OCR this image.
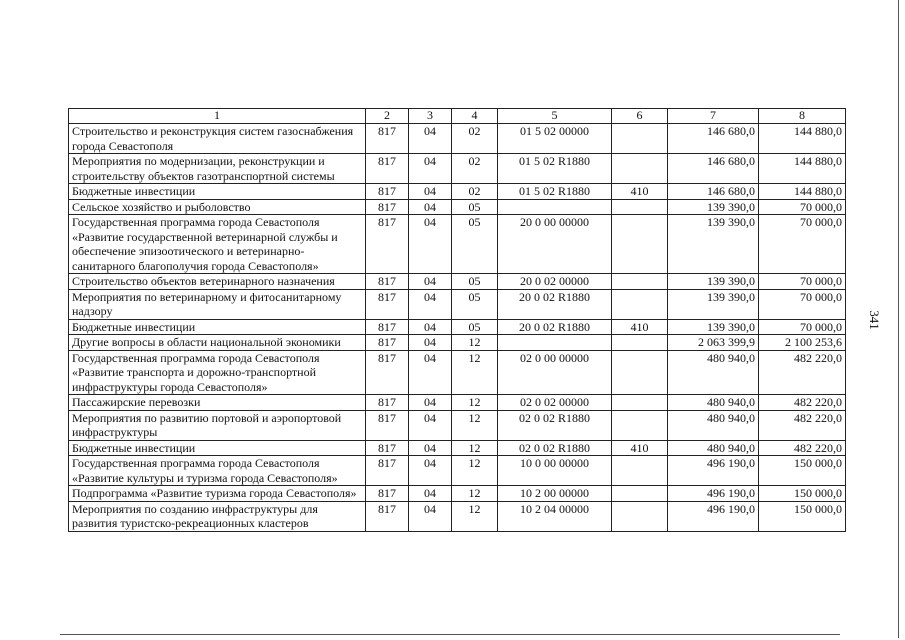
1	2	3	4	5	6	7	8
Строительство и реконструкция систем газоснабжения города Севастополя	817	04	02	01 5 02 00000		146 680,0	144 880,0
Мероприятия по модернизации, реконструкции и строительству объектов газотранспортной системы	817	04	02	01 5 02 R1880		146 680,0	144 880,0
Бюджетные инвестиции	817	04	02	01 5 02 R1880	410	146 680,0	144 880,0
Сельское хозяйство и рыболовство	817	04	05			139 390,0	70 000,0
Государственная программа города Севастополя «Развитие государственной ветеринарной службы и обеспечение эпизоотического и ветеринарно-санитарного благополучия города Севастополя»	817	04	05	20 0 00 00000		139 390,0	70 000,0
Строительство объектов ветеринарного назначения	817	04	05	20 0 02 00000		139 390,0	70 000,0
Мероприятия по ветеринарному и фитосанитарному надзору	817	04	05	20 0 02 R1880		139 390,0	70 000,0
Бюджетные инвестиции	817	04	05	20 0 02 R1880	410	139 390,0	70 000,0
Другие вопросы в области национальной экономики	817	04	12			2 063 399,9	2 100 253,6
Государственная программа города Севастополя «Развитие транспорта и дорожно-транспортной инфраструктуры города Севастополя»	817	04	12	02 0 00 00000		480 940,0	482 220,0
Пассажирские перевозки	817	04	12	02 0 02 00000		480 940,0	482 220,0
Мероприятия по развитию портовой и аэропортовой инфраструктуры	817	04	12	02 0 02 R1880		480 940,0	482 220,0
Бюджетные инвестиции	817	04	12	02 0 02 R1880	410	480 940,0	482 220,0
Государственная программа города Севастополя «Развитие культуры и туризма города Севастополя»	817	04	12	10 0 00 00000		496 190,0	150 000,0
Подпрограмма «Развитие туризма города Севастополя»	817	04	12	10 2 00 00000		496 190,0	150 000,0
Мероприятия по созданию инфраструктуры для развития туристско-рекреационных кластеров	817	04	12	10 2 04 00000		496 190,0	150 000,0
341
